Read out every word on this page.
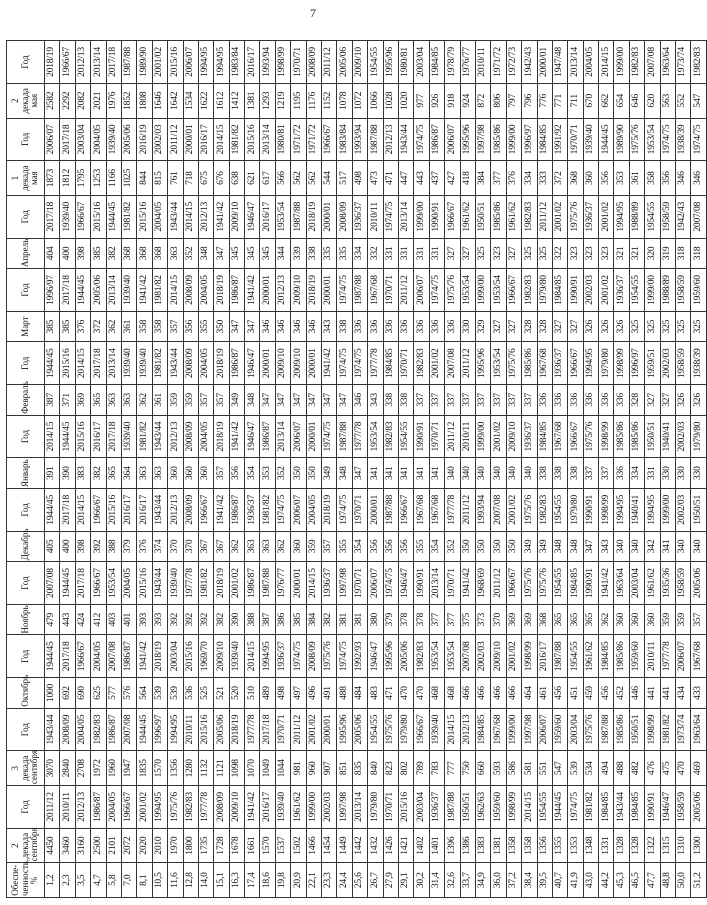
7
Обеспе-ченность, %	2 декада сентября	Год	3 декада сентября	Год	Октябрь	Год	Ноябрь	Год	Декабрь	Год	Январь	Год	Февраль	Год	Март	Год	Апрель	Год	1 декада мая	Год	2 декада мая	Год
1,2	4450	2011/12	3070	1943/44	1000	1944/45	479	2007/08	405	1944/45	391	2014/15	387	1944/45	385	1996/97	404	2017/18	1873	2006/07	2582	2018/19
2,3	3460	2010/11	2840	2008/09	692	2017/18	443	1944/45	400	2017/18	390	1944/45	371	2015/16	385	2017/18	400	1939/40	1812	2017/18	2292	1966/67
3,5	3160	2012/13	2708	2004/05	690	1966/67	424	2017/18	398	2014/15	383	2015/16	369	2014/15	376	1944/45	398	1966/67	1795	2003/04	2082	2012/13
4,7	2500	1986/87	1972	1982/83	625	2004/05	412	1966/67	392	1966/67	382	2016/17	365	2017/18	372	2005/06	385	2015/16	1253	2004/05	2021	2013/14
5,8	2101	2004/05	1960	1986/87	577	2007/08	403	1953/54	388	2015/16	365	2017/18	363	2013/14	362	2013/14	382	1944/45	1166	1939/40	1976	2017/18
7,0	2072	1966/67	1947	2007/08	576	1986/87	401	2004/05	379	2016/17	364	1939/40	363	1939/40	361	1939/40	368	1981/82	1025	2005/06	1852	1987/88
8,1	2020	2001/02	1835	1944/45	564	1941/42	393	2015/16	376	2016/17	363	1981/82	362	1939/40	358	1941/42	368	2015/16	844	2016/19	1808	1989/90
10,5	2010	1994/95	1570	1996/97	539	2018/19	393	1943/44	374	1943/44	363	1943/44	361	1981/82	358	1981/82	368	2004/05	815	2002/03	1646	2001/02
11,6	1970	1975/76	1356	1994/95	539	2003/04	392	1939/40	370	2012/13	360	2012/13	359	1943/44	357	2014/15	363	1943/44	761	2011/12	1642	2015/16
12,8	1800	1982/83	1280	2010/11	536	2015/16	392	1977/78	370	2008/09	360	2008/09	359	2008/09	356	2008/09	352	2014/15	718	2000/01	1534	2006/07
14,0	1735	1977/78	1132	2015/16	525	1969/70	392	1981/82	367	1966/67	360	2004/05	357	2004/05	355	2004/05	348	2012/13	675	2016/17	1622	1994/95
15,1	1728	2008/09	1121	2005/06	521	2009/10	382	2018/19	367	1941/42	357	2018/19	357	2018/19	350	2018/19	347	1941/42	676	2014/15	1612	1994/95
16,3	1678	2009/10	1098	2018/19	520	1939/40	390	2001/02	362	1986/87	356	1941/42	349	1986/87	347	1986/87	345	2009/10	638	1981/82	1412	1983/84
17,4	1661	1941/42	1070	1977/78	510	2014/15	388	1986/87	363	1936/37	354	1946/47	348	1946/47	347	1941/42	345	1946/47	621	2015/16	1381	2016/17
18,6	1570	2016/17	1049	2017/18	489	1994/95	387	1987/88	363	1981/82	353	1986/87	347	2000/01	346	2000/01	345	2016/17	617	2013/14	1293	1993/94
19,8	1537	1939/40	1044	1970/71	498	1936/37	386	1976/77	362	1974/75	352	2013/14	347	2009/10	346	2012/13	344	1953/54	566	1980/81	1219	1998/99
20,9	1502	1961/62	981	2011/12	497	1974/75	385	2000/01	360	2006/07	350	2006/07	347	2009/10	346	2009/10	339	1987/88	562	1971/72	1195	1970/71
22,1	1466	1999/00	960	2001/02	496	2008/09	384	2014/15	359	2004/05	350	2000/01	347	2000/01	346	2018/19	338	2018/19	562	1971/72	1176	2008/09
23,3	1454	2002/03	907	2000/01	491	1975/76	382	1936/37	357	2018/19	349	1974/75	347	1941/42	343	2000/01	335	2000/01	544	1966/67	1152	2011/12
24,4	1449	1997/98	851	1995/96	488	1974/75	381	1997/98	355	1974/75	348	1987/88	347	1974/75	338	1974/75	335	2008/09	517	1983/84	1078	2005/06
25,6	1442	2013/14	835	2005/06	484	1992/93	381	1970/71	354	1970/71	347	1977/78	346	1974/75	336	1987/88	334	1936/37	498	1993/94	1072	2009/10
26,7	1432	1979/80	840	1954/55	483	1946/47	380	2006/07	356	2000/01	341	1953/54	343	1977/78	336	1967/68	332	2010/11	473	1987/88	1066	1954/55
27,9	1426	1970/71	823	1975/76	471	1995/96	379	1974/75	356	1987/88	341	1982/83	338	1984/85	336	1970/71	331	1974/75	471	2012/13	1028	1995/96
29,1	1421	2015/16	802	1979/80	470	2005/06	378	1946/47	356	1966/67	341	1954/55	338	1970/71	336	2011/12	331	2013/14	447	1943/44	1020	1980/81
30,2	1402	2003/04	789	1966/67	470	1982/83	378	1990/91	355	1967/68	341	1990/91	337	1982/83	336	2006/07	331	1999/00	443	1974/75	977	2003/04
31,4	1401	1936/37	783	1939/40	468	1953/54	377	2013/14	354	1967/68	341	1970/71	337	2001/02	336	1974/75	331	1990/91	437	1986/87	926	1984/85
32,6	1396	1987/88	777	2014/15	468	1953/54	377	1970/71	352	1977/78	340	2011/12	337	2007/08	336	1975/76	327	1966/67	427	2006/07	918	1978/79
33,7	1386	1950/51	750	2012/13	466	2007/08	375	1941/42	350	2011/12	340	2010/11	337	2011/12	330	1953/54	327	1961/62	418	1995/96	924	1976/77
34,9	1383	1962/63	660	1984/85	466	2002/03	373	1968/69	350	1993/94	340	1999/00	337	1995/96	329	1999/00	325	1950/51	384	1997/98	872	2010/11
36,0	1381	1959/60	593	1967/68	466	2009/10	370	2011/12	350	2007/08	340	2001/02	337	1953/54	327	1953/54	323	1985/86	377	1985/86	806	1971/72
37,2	1358	1998/99	586	1999/00	466	2001/02	369	1966/67	350	2001/02	340	2009/10	337	1975/76	327	1966/67	327	1961/62	376	1999/00	797	1972/73
38,4	1358	2014/15	581	1997/98	464	1998/99	369	1975/76	349	1975/76	340	1936/37	337	1985/86	328	1982/83	325	1982/83	334	1996/97	796	1942/43
39,5	1356	1954/55	551	2006/07	461	2016/17	368	1975/76	349	1982/83	338	1984/85	336	1967/68	328	1979/80	325	2011/12	333	1984/85	776	2000/01
40,7	1355	1944/45	547	1959/60	456	1987/88	365	1954/55	348	1954/55	338	1967/68	336	1936/37	327	1984/85	322	2001/02	372	1991/92	771	1947/48
41,9	1353	1974/75	539	2003/04	451	1954/55	365	1984/85	348	1979/80	338	1966/67	336	1966/67	327	1990/91	323	1975/76	368	1970/71	711	2013/14
43,0	1348	1981/82	534	1975/76	459	1961/62	365	1990/91	347	1990/91	337	1975/76	336	1994/95	326	2002/03	323	1936/37	360	1939/40	670	2004/05
44,2	1331	1984/85	494	1987/88	456	1984/85	362	1941/42	343	1998/99	337	1998/99	336	1979/80	326	2001/02	323	2001/02	356	1944/45	662	2014/15
45,3	1328	1943/44	488	1985/86	452	1985/86	360	1963/64	340	1994/95	336	1985/86	336	1998/99	326	1936/37	321	1994/95	353	1989/90	654	1999/00
46,5	1328	1984/85	482	1950/51	446	1959/60	360	2003/04	340	1940/41	334	1985/86	328	1996/97	325	1954/55	321	1988/89	361	1975/76	646	1982/83
47,7	1322	1990/91	476	1998/99	441	2010/11	360	1961/62	342	1994/95	331	1950/51	327	1959/51	325	1999/00	320	1954/55	358	1953/54	620	2007/08
48,8	1315	1946/47	475	1981/82	441	1977/78	359	1935/36	341	1999/00	330	1940/41	327	2002/03	325	1988/89	319	1958/59	356	1974/75	563	1963/64
50,0	1310	1958/59	470	1973/74	434	2006/07	359	1958/59	340	2002/03	330	2002/03	326	1958/59	325	1958/59	318	1942/43	346	1938/39	552	1973/74
51,2	1300	2005/06	469	1963/64	433	1967/68	357	2005/06	340	1950/51	330	1979/80	326	1938/39	325	1959/60	318	2007/08	346	1974/75	547	1982/83
